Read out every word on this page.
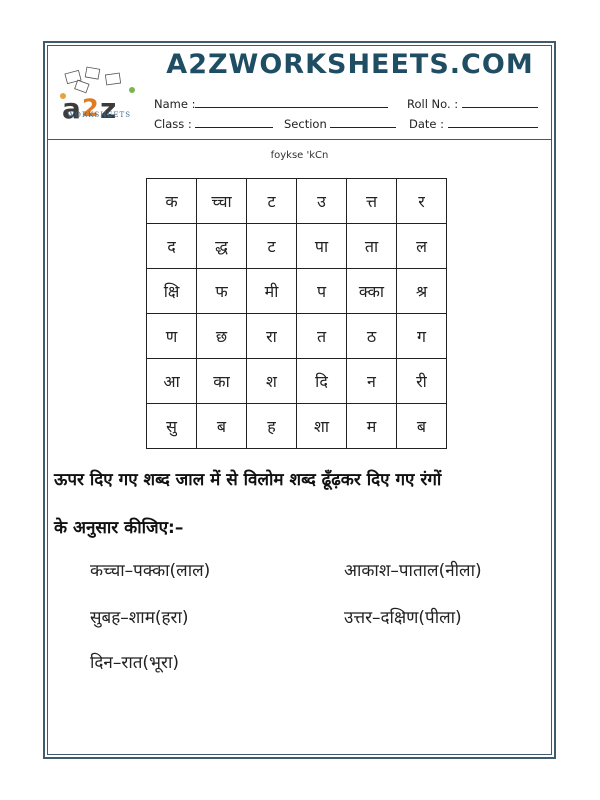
a 2 z
WORKSHEETS
A2ZWORKSHEETS.COM
Name :	Roll No. :
Class :	Section	Date :
foykse 'kCn
क	च्चा	ट	उ	त्त	र
द	द्ध	ट	पा	ता	ल
क्षि	फ	मी	प	क्का	श्र
ण	छ	रा	त	ठ	ग
आ	का	श	दि	न	री
सु	ब	ह	शा	म	ब
ऊपर दिए गए शब्द जाल में से विलोम शब्द ढूँढ़कर दिए गए रंगों
के अनुसार कीजिए:–
कच्चा–पक्का(लाल)	आकाश–पाताल(नीला)
सुबह–शाम(हरा)	उत्तर–दक्षिण(पीला)
दिन–रात(भूरा)
